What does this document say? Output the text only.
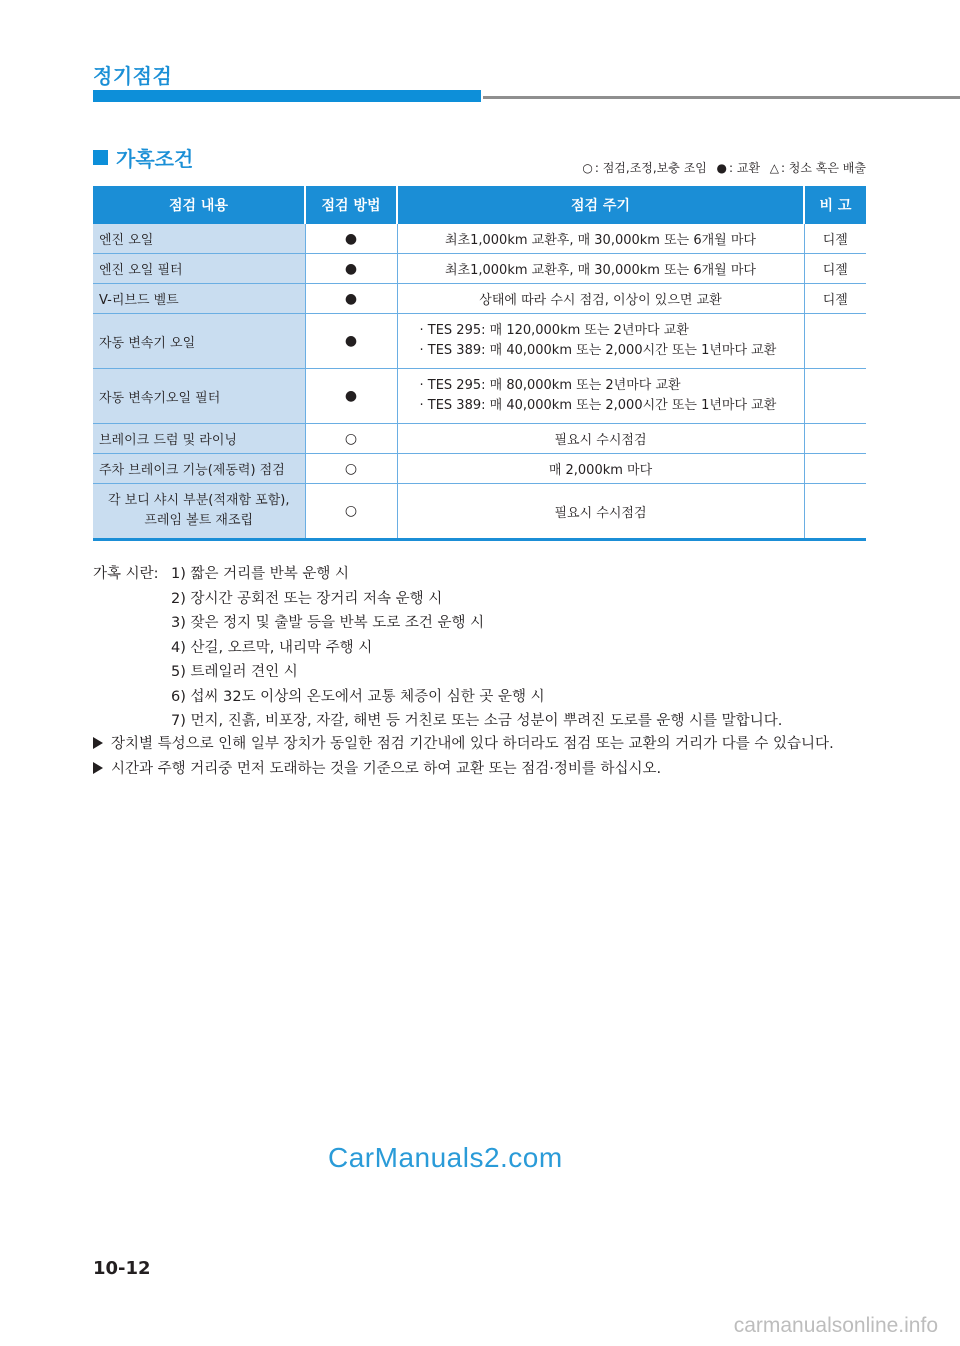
정기점검
가혹조건	○ : 점검,조정,보충 조임 ● : 교환 △ : 청소 혹은 배출
점검 내용	점검 방법	점검 주기	비 고
엔진 오일	●	최초1,000km 교환후, 매 30,000km 또는 6개월 마다	디젤
엔진 오일 필터	●	최초1,000km 교환후, 매 30,000km 또는 6개월 마다	디젤
V-리브드 벨트	●	상태에 따라 수시 점검, 이상이 있으면 교환	디젤
자동 변속기 오일	●	· TES 295: 매 120,000km 또는 2년마다 교환
· TES 389: 매 40,000km 또는 2,000시간 또는 1년마다 교환	

자동 변속기오일 필터	●	· TES 295: 매 80,000km 또는 2년마다 교환
· TES 389: 매 40,000km 또는 2,000시간 또는 1년마다 교환	

브레이크 드럼 및 라이닝	○	필요시 수시점검	
주차 브레이크 기능(제동력) 점검	○	매 2,000km 마다	

각 보디 샤시 부분(적재함 포함),
프레임 볼트 재조립	○	필요시 수시점검	
가혹 시란: 1) 짧은 거리를 반복 운행 시
2) 장시간 공회전 또는 장거리 저속 운행 시
3) 잦은 정지 및 출발 등을 반복 도로 조건 운행 시
4) 산길, 오르막, 내리막 주행 시
5) 트레일러 견인 시
6) 섭씨 32도 이상의 온도에서 교통 체증이 심한 곳 운행 시
7) 먼지, 진흙, 비포장, 자갈, 해변 등 거친로 또는 소금 성분이 뿌려진 도로를 운행 시를 말합니다.
장치별 특성으로 인해 일부 장치가 동일한 점검 기간내에 있다 하더라도 점검 또는 교환의 거리가 다를 수 있습니다.
시간과 주행 거리중 먼저 도래하는 것을 기준으로 하여 교환 또는 점검·정비를 하십시오.
CarManuals2.com
10-12
carmanualsonline.info
